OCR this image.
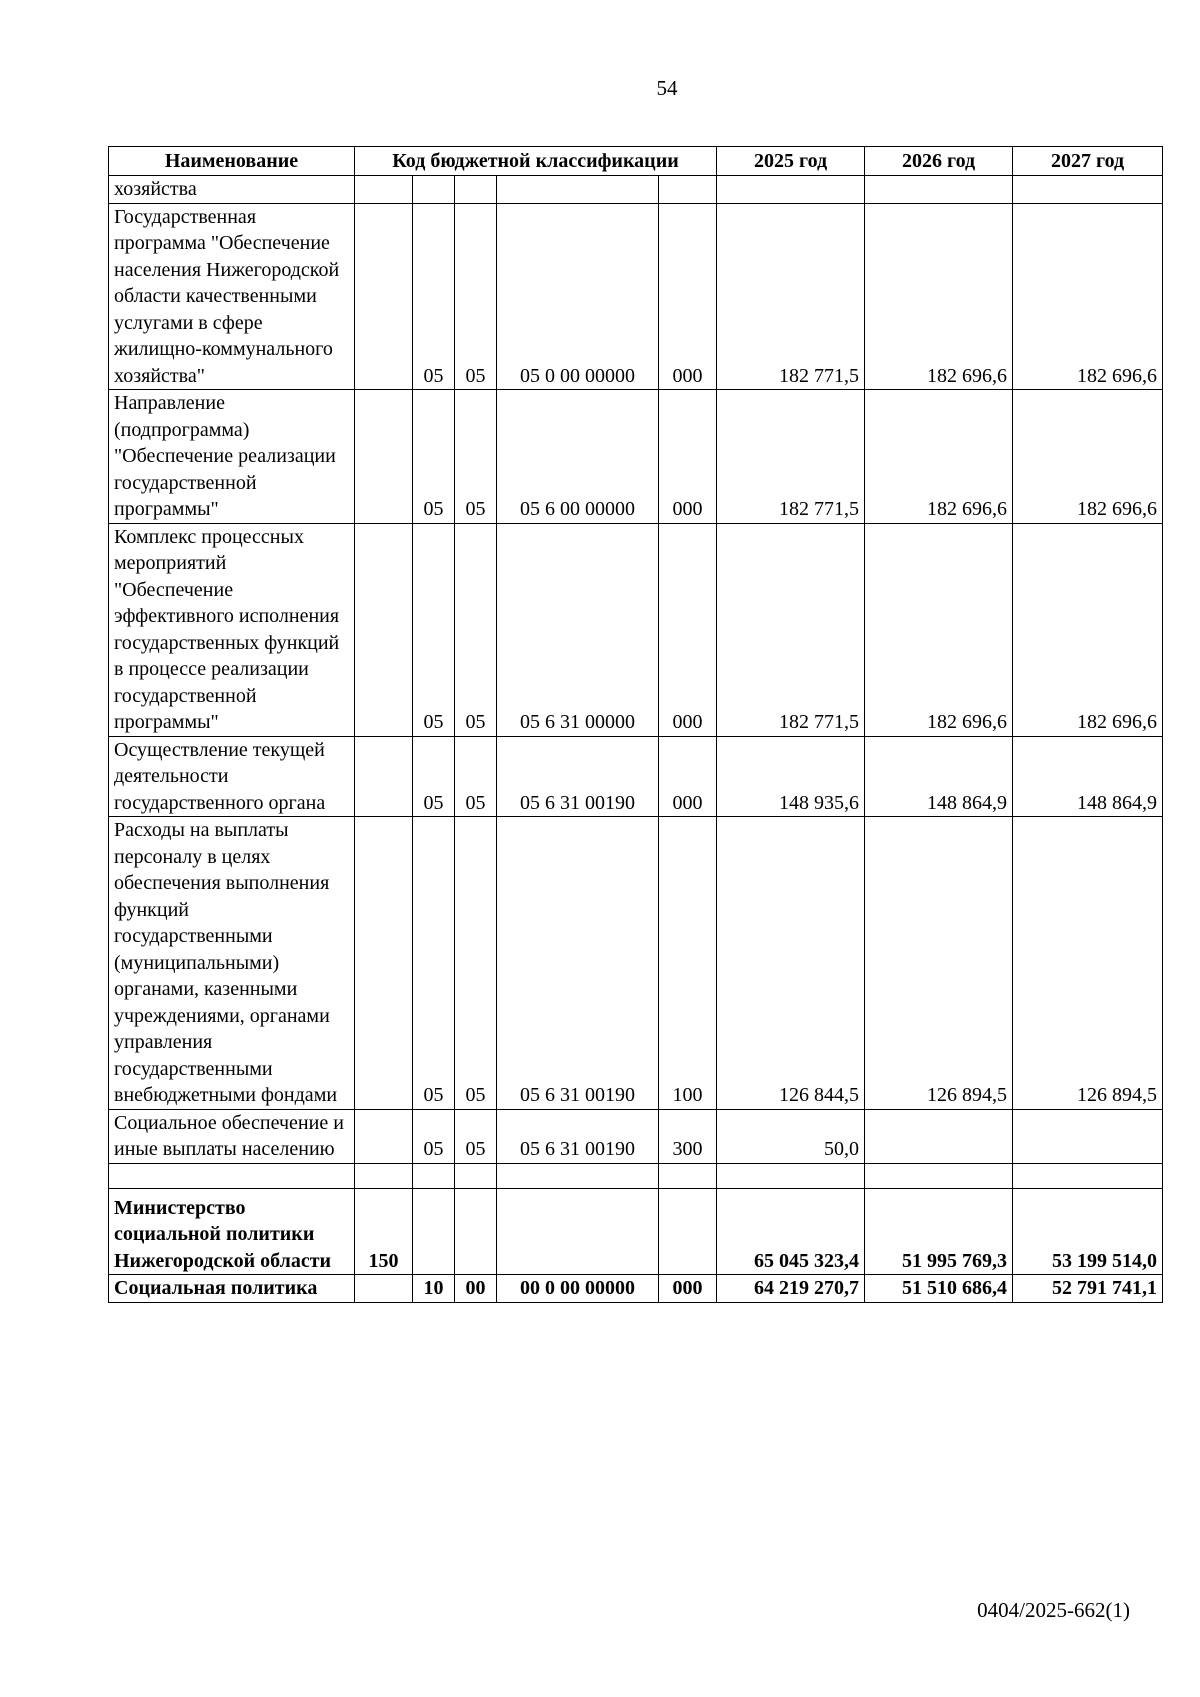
54
Наименование	Код бюджетной классификации					2025 год	2026 год	2027 год
хозяйства								
Государственная программа "Обеспечение населения Нижегородской области качественными услугами в сфере жилищно-коммунального хозяйства"		05	05	05 0 00 00000	000	182 771,5	182 696,6	182 696,6
Направление (подпрограмма) "Обеспечение реализации государственной программы"		05	05	05 6 00 00000	000	182 771,5	182 696,6	182 696,6
Комплекс процессных мероприятий "Обеспечение эффективного исполнения государственных функций в процессе реализации государственной программы"		05	05	05 6 31 00000	000	182 771,5	182 696,6	182 696,6
Осуществление текущей деятельности государственного органа		05	05	05 6 31 00190	000	148 935,6	148 864,9	148 864,9
Расходы на выплаты персоналу в целях обеспечения выполнения функций государственными (муниципальными) органами, казенными учреждениями, органами управления государственными внебюджетными фондами		05	05	05 6 31 00190	100	126 844,5	126 894,5	126 894,5
Социальное обеспечение и иные выплаты населению		05	05	05 6 31 00190	300	50,0		

Министерство социальной политики Нижегородской области	150					65 045 323,4	51 995 769,3	53 199 514,0
Социальная политика		10	00	00 0 00 00000	000	64 219 270,7	51 510 686,4	52 791 741,1
0404/2025-662(1)
